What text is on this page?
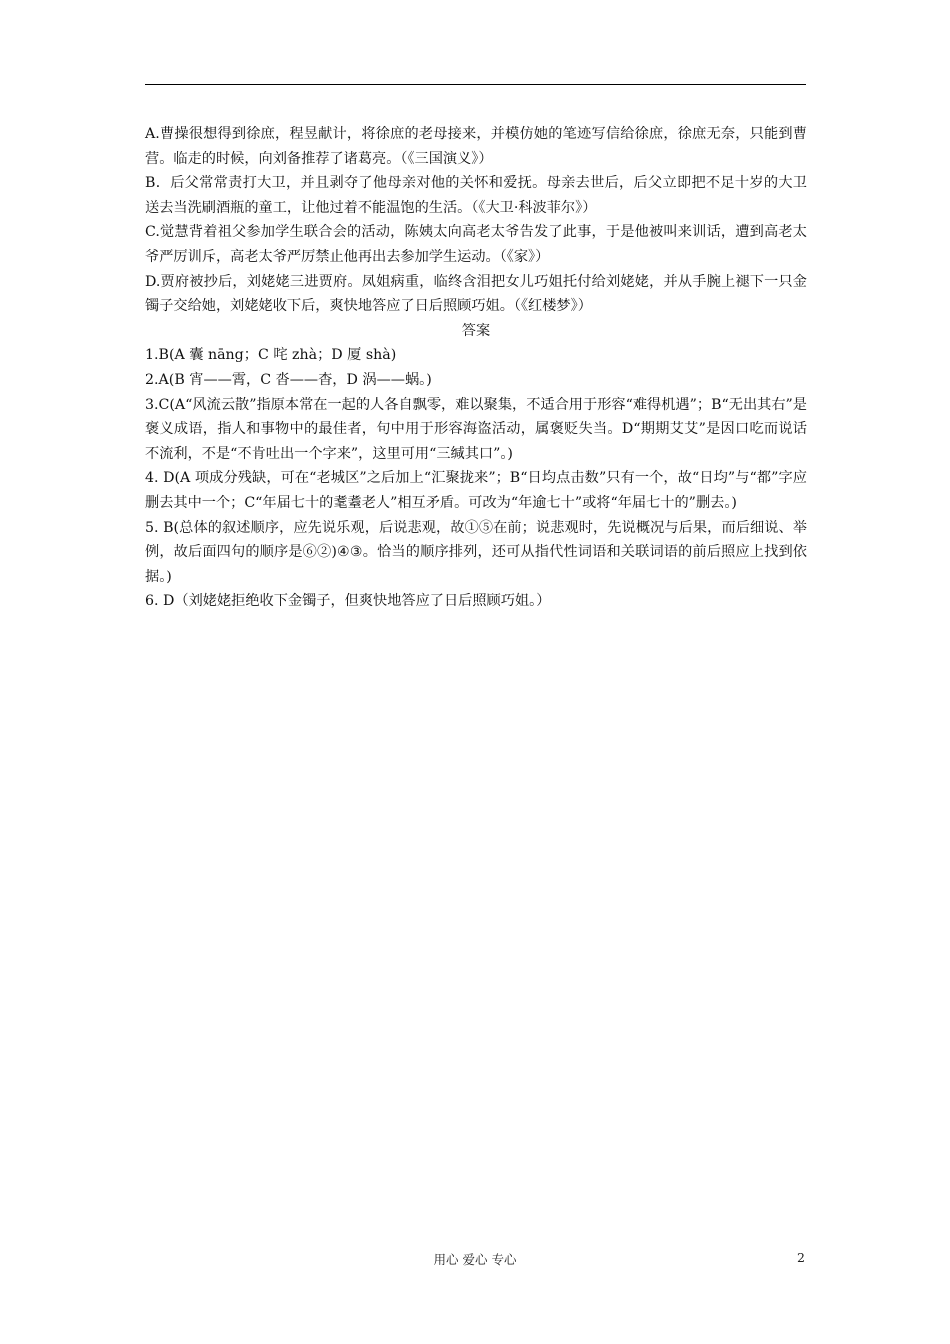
A.曹操很想得到徐庶，程昱献计，将徐庶的老母接来，并模仿她的笔迹写信给徐庶，徐庶无奈，只能到曹营。临走的时候，向刘备推荐了诸葛亮。（《三国演义》）

B．后父常常责打大卫，并且剥夺了他母亲对他的关怀和爱抚。母亲去世后，后父立即把不足十岁的大卫送去当洗刷酒瓶的童工，让他过着不能温饱的生活。（《大卫·科波菲尔》）

C.觉慧背着祖父参加学生联合会的活动，陈姨太向高老太爷告发了此事，于是他被叫来训话，遭到高老太爷严厉训斥，高老太爷严厉禁止他再出去参加学生运动。（《家》）

D.贾府被抄后，刘姥姥三进贾府。凤姐病重，临终含泪把女儿巧姐托付给刘姥姥，并从手腕上褪下一只金镯子交给她，刘姥姥收下后，爽快地答应了日后照顾巧姐。（《红楼梦》）

答案

1.B(A 囊 nāng；C 咤 zhà；D 厦 shà)

2.A(B 宵——霄，C 沓——杳，D 涡——蜗。)

3.C(A“风流云散”指原本常在一起的人各自飘零，难以聚集，不适合用于形容“难得机遇”；B“无出其右”是褒义成语，指人和事物中的最佳者，句中用于形容海盗活动，属褒贬失当。D“期期艾艾”是因口吃而说话不流利，不是“不肯吐出一个字来”，这里可用“三缄其口”。)

4. D(A 项成分残缺，可在“老城区”之后加上“汇聚拢来”；B“日均点击数”只有一个，故“日均”与“都”字应删去其中一个；C“年届七十的耄耋老人”相互矛盾。可改为“年逾七十”或将“年届七十的”删去。)

5. B(总体的叙述顺序，应先说乐观，后说悲观，故①⑤在前；说悲观时，先说概况与后果，而后细说、举例，故后面四句的顺序是⑥②)④③。恰当的顺序排列，还可从指代性词语和关联词语的前后照应上找到依据。)

6. D（刘姥姥拒绝收下金镯子，但爽快地答应了日后照顾巧姐。）

用心 爱心 专心	2
